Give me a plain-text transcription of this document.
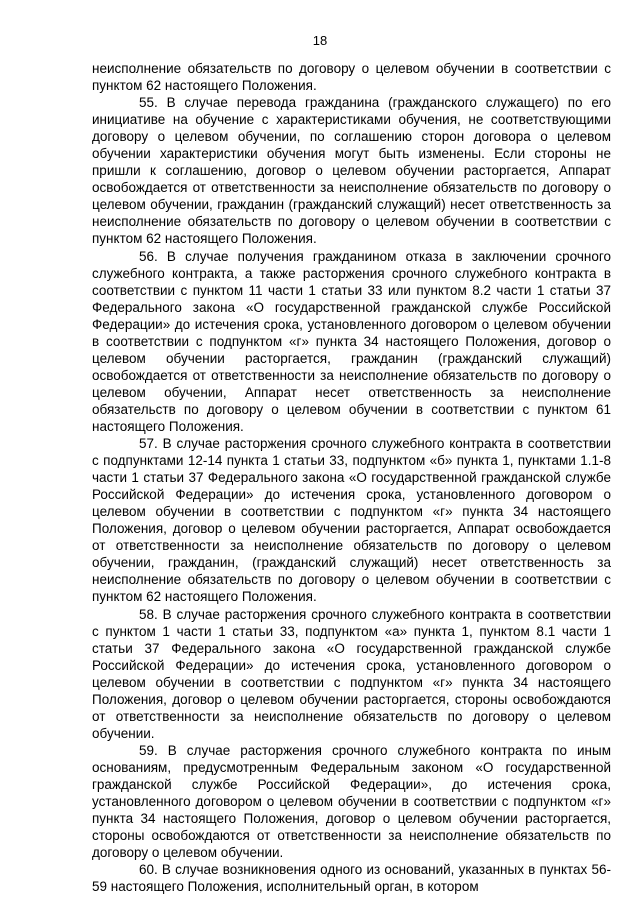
18

неисполнение обязательств по договору о целевом обучении в соответствии с пунктом 62 настоящего Положения.

55. В случае перевода гражданина (гражданского служащего) по его инициативе на обучение с характеристиками обучения, не соответствующими договору о целевом обучении, по соглашению сторон договора о целевом обучении характеристики обучения могут быть изменены. Если стороны не пришли к соглашению, договор о целевом обучении расторгается, Аппарат освобождается от ответственности за неисполнение обязательств по договору о целевом обучении, гражданин (гражданский служащий) несет ответственность за неисполнение обязательств по договору о целевом обучении в соответствии с пунктом 62 настоящего Положения.

56. В случае получения гражданином отказа в заключении срочного служебного контракта, а также расторжения срочного служебного контракта в соответствии с пунктом 11 части 1 статьи 33 или пунктом 8.2 части 1 статьи 37 Федерального закона «О государственной гражданской службе Российской Федерации» до истечения срока, установленного договором о целевом обучении в соответствии с подпунктом «г» пункта 34 настоящего Положения, договор о целевом обучении расторгается, гражданин (гражданский служащий) освобождается от ответственности за неисполнение обязательств по договору о целевом обучении, Аппарат несет ответственность за неисполнение обязательств по договору о целевом обучении в соответствии с пунктом 61 настоящего Положения.

57. В случае расторжения срочного служебного контракта в соответствии с подпунктами 12-14 пункта 1 статьи 33, подпунктом «б» пункта 1, пунктами 1.1-8 части 1 статьи 37 Федерального закона «О государственной гражданской службе Российской Федерации» до истечения срока, установленного договором о целевом обучении в соответствии с подпунктом «г» пункта 34 настоящего Положения, договор о целевом обучении расторгается, Аппарат освобождается от ответственности за неисполнение обязательств по договору о целевом обучении, гражданин, (гражданский служащий) несет ответственность за неисполнение обязательств по договору о целевом обучении в соответствии с пунктом 62 настоящего Положения.

58. В случае расторжения срочного служебного контракта в соответствии с пунктом 1 части 1 статьи 33, подпунктом «а» пункта 1, пунктом 8.1 части 1 статьи 37 Федерального закона «О государственной гражданской службе Российской Федерации» до истечения срока, установленного договором о целевом обучении в соответствии с подпунктом «г» пункта 34 настоящего Положения, договор о целевом обучении расторгается, стороны освобождаются от ответственности за неисполнение обязательств по договору о целевом обучении.

59. В случае расторжения срочного служебного контракта по иным основаниям, предусмотренным Федеральным законом «О государственной гражданской службе Российской Федерации», до истечения срока, установленного договором о целевом обучении в соответствии с подпунктом «г» пункта 34 настоящего Положения, договор о целевом обучении расторгается, стороны освобождаются от ответственности за неисполнение обязательств по договору о целевом обучении.

60. В случае возникновения одного из оснований, указанных в пунктах 56-59 настоящего Положения, исполнительный орган, в котором
